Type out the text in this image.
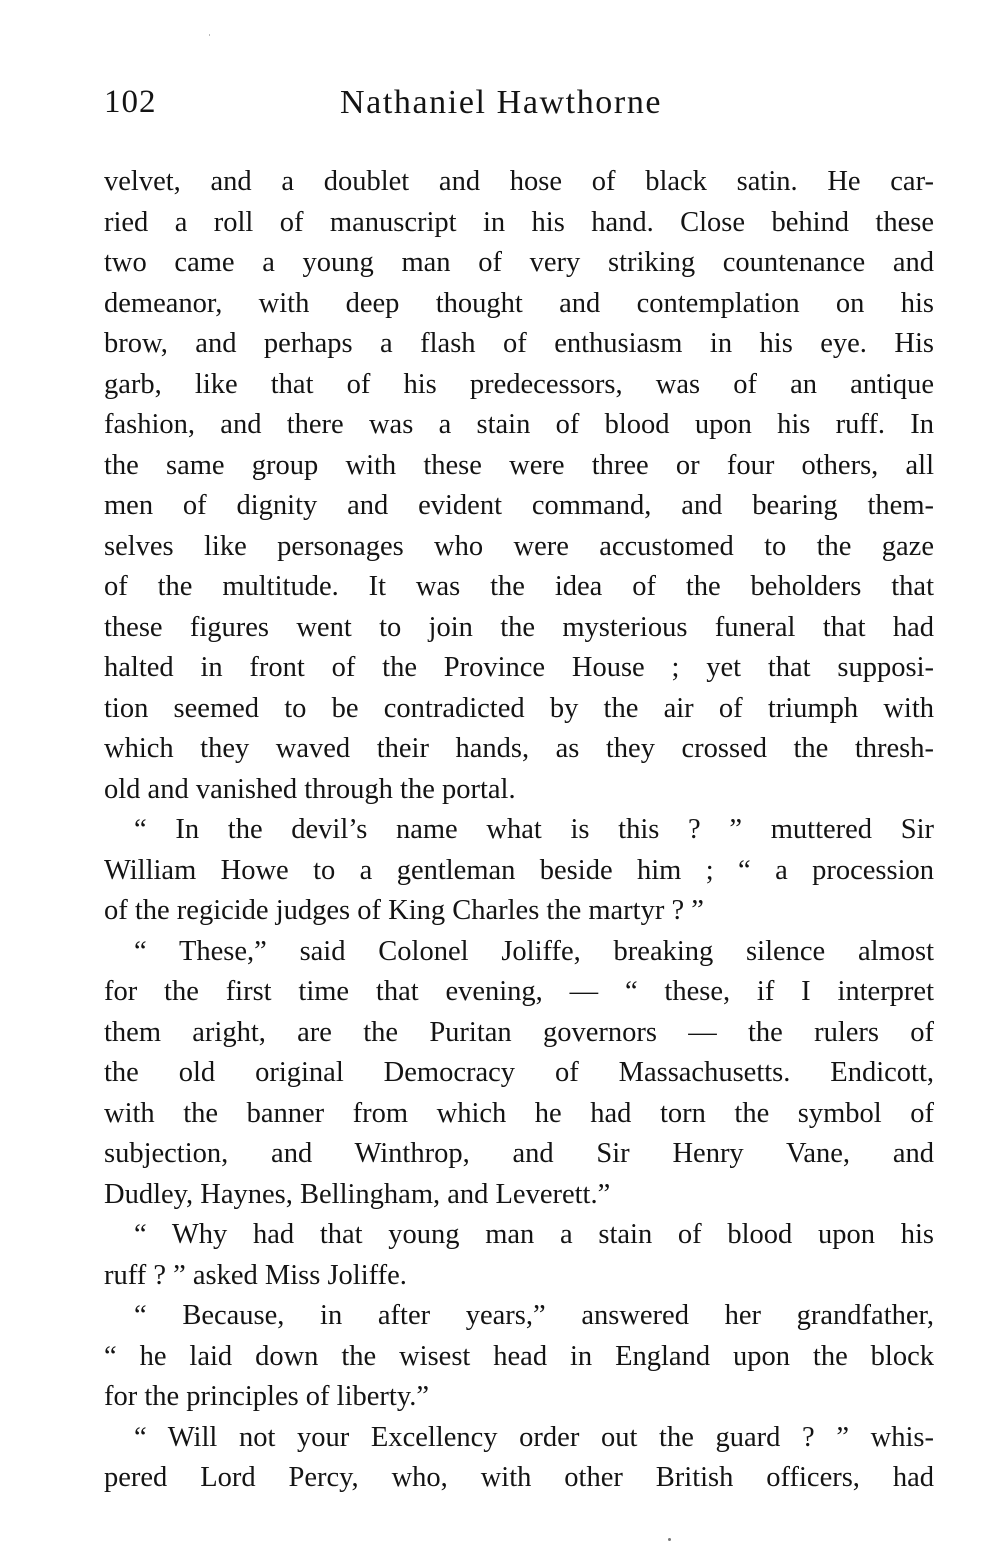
102	Nathaniel Hawthorne
velvet, and a doublet and hose of black satin. He car-
ried a roll of manuscript in his hand. Close behind these
two came a young man of very striking countenance and
demeanor, with deep thought and contemplation on his
brow, and perhaps a flash of enthusiasm in his eye. His
garb, like that of his predecessors, was of an antique
fashion, and there was a stain of blood upon his ruff. In
the same group with these were three or four others, all
men of dignity and evident command, and bearing them-
selves like personages who were accustomed to the gaze
of the multitude. It was the idea of the beholders that
these figures went to join the mysterious funeral that had
halted in front of the Province House ; yet that supposi-
tion seemed to be contradicted by the air of triumph with
which they waved their hands, as they crossed the thresh-
old and vanished through the portal.
“ In the devil’s name what is this ? ” muttered Sir
William Howe to a gentleman beside him ; “ a procession
of the regicide judges of King Charles the martyr ? ”
“ These,” said Colonel Joliffe, breaking silence almost
for the first time that evening, — “ these, if I interpret
them aright, are the Puritan governors — the rulers of
the old original Democracy of Massachusetts. Endicott,
with the banner from which he had torn the symbol of
subjection, and Winthrop, and Sir Henry Vane, and
Dudley, Haynes, Bellingham, and Leverett.”
“ Why had that young man a stain of blood upon his
ruff ? ” asked Miss Joliffe.
“ Because, in after years,” answered her grandfather,
“ he laid down the wisest head in England upon the block
for the principles of liberty.”
“ Will not your Excellency order out the guard ? ” whis-
pered Lord Percy, who, with other British officers, had
